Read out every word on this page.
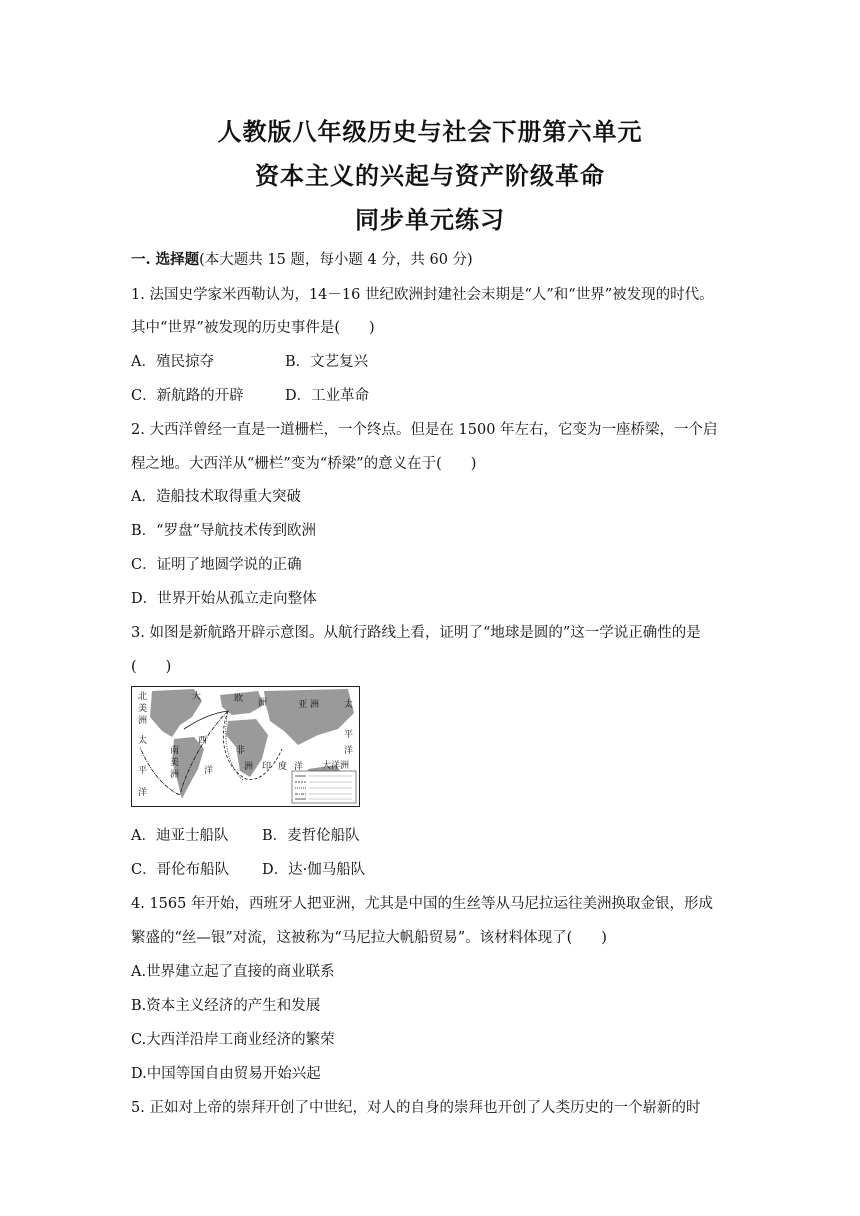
人教版八年级历史与社会下册第六单元
资本主义的兴起与资产阶级革命
同步单元练习
一. 选择题(本大题共 15 题，每小题 4 分，共 60 分)
1. 法国史学家米西勒认为，14－16 世纪欧洲封建社会末期是“人”和“世界”被发现的时代。
其中“世界”被发现的历史事件是(　　)
A．殖民掠夺	B．文艺复兴
C．新航路的开辟	D．工业革命
2. 大西洋曾经一直是一道栅栏，一个终点。但是在 1500 年左右，它变为一座桥梁，一个启
程之地。大西洋从“栅栏”变为“桥梁”的意义在于(　　)
A．造船技术取得重大突破
B．“罗盘”导航技术传到欧洲
C．证明了地圆学说的正确
D．世界开始从孤立走向整体
3. 如图是新航路开辟示意图。从航行路线上看，证明了“地球是圆的”这一学说正确性的是
(　　)
北
美
洲
太
平
洋
大
西
洋
欧 洲
非
洲
南
美
洲
亚 洲
印 度 洋
太
平
洋
大洋洲
A．迪亚士船队 B．麦哲伦船队
C．哥伦布船队 D．达·伽马船队
4. 1565 年开始，西班牙人把亚洲，尤其是中国的生丝等从马尼拉运往美洲换取金银，形成
繁盛的“丝—银”对流，这被称为“马尼拉大帆船贸易”。该材料体现了(　　)
A.世界建立起了直接的商业联系
B.资本主义经济的产生和发展
C.大西洋沿岸工商业经济的繁荣
D.中国等国自由贸易开始兴起
5. 正如对上帝的崇拜开创了中世纪，对人的自身的崇拜也开创了人类历史的一个崭新的时
